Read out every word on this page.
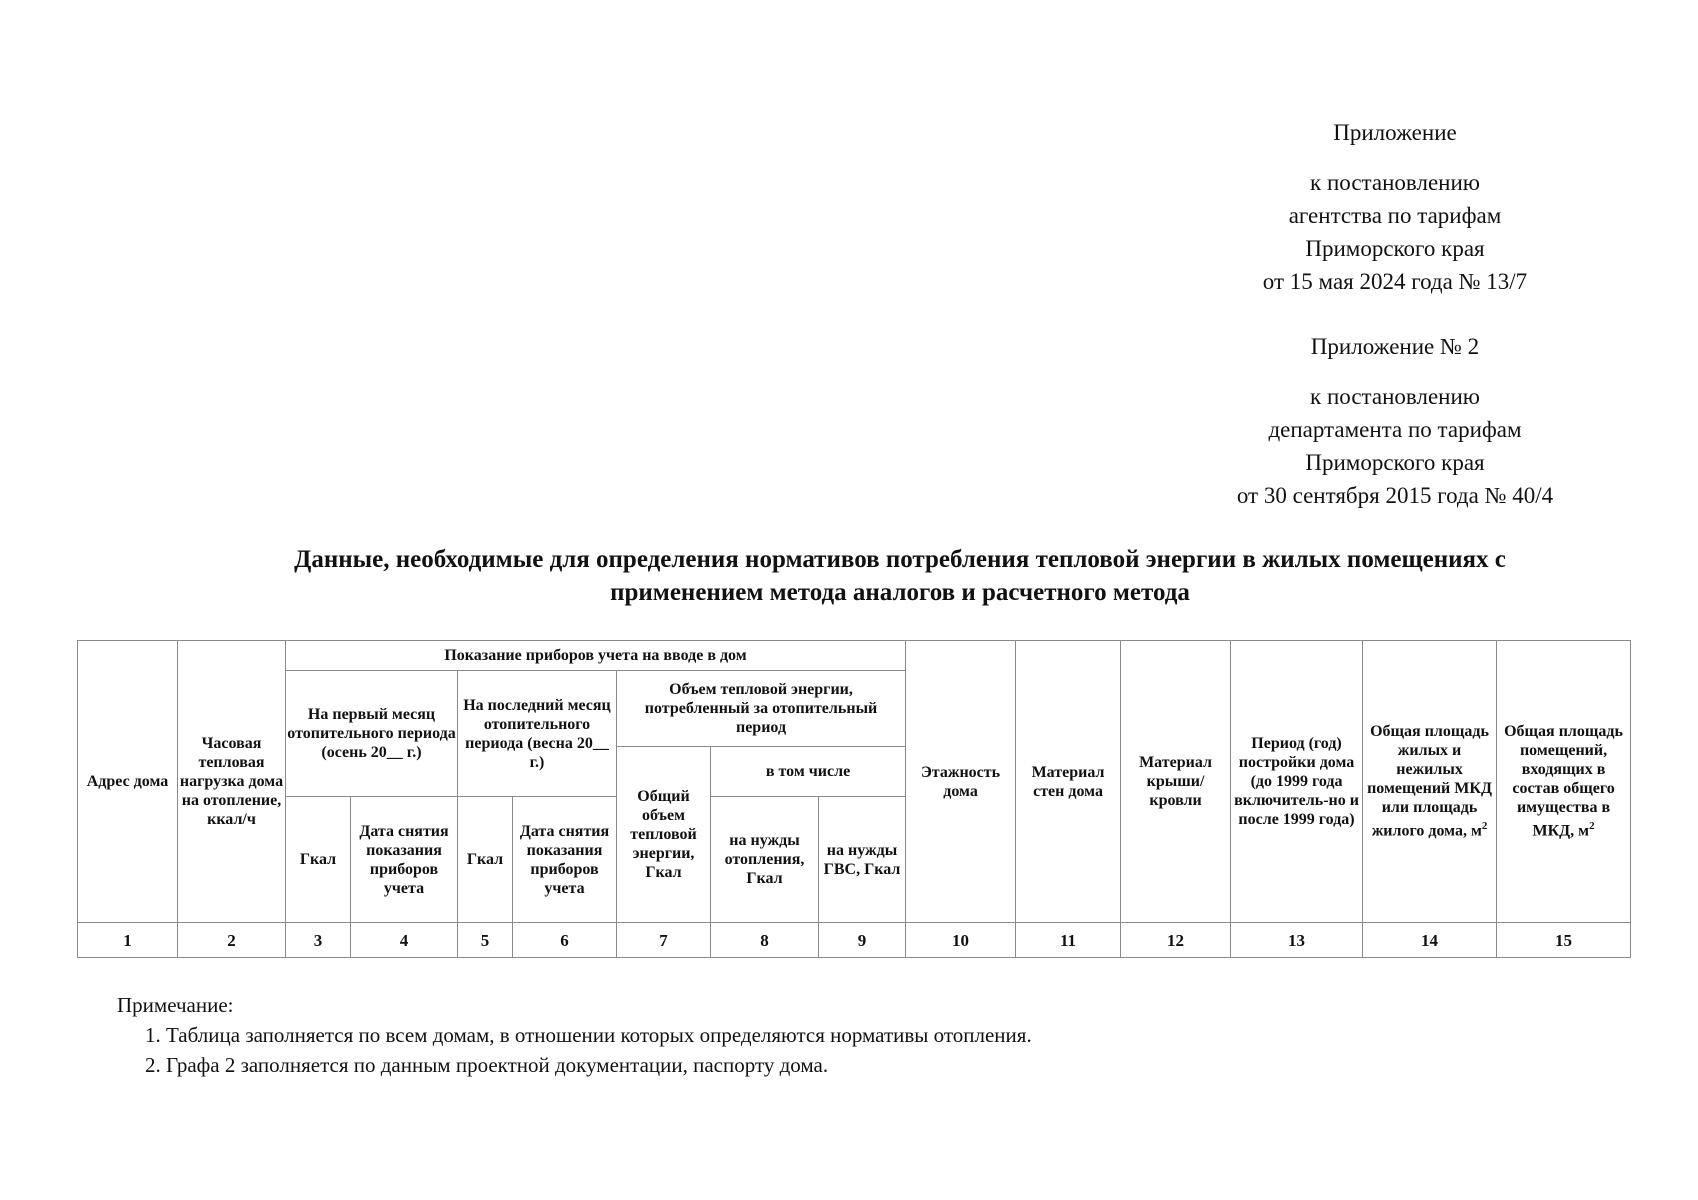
Приложение

к постановлению

агентства по тарифам

Приморского края

от 15 мая 2024 года № 13/7

Приложение № 2

к постановлению

департамента по тарифам

Приморского края

от 30 сентября 2015 года № 40/4

Данные, необходимые для определения нормативов потребления тепловой энергии в жилых помещениях с
применением метода аналогов и расчетного метода
Адрес дома	Часовая тепловая нагрузка дома на отопление, ккал/ч	Показание приборов учета на вводе в дом							Этажность дома	Материал стен дома	Материал крыши/ кровли	Период (год) постройки дома (до 1999 года включитель-но и после 1999 года)	Общая площадь жилых и нежилых помещений МКД или площадь жилого дома, $м^2$	Общая площадь помещений, входящих в состав общего имущества в МКД, $м^2$
		На первый месяц отопительного периода (осень 20__ г.)		На последний месяц отопительного периода (весна 20__ г.)		Объем тепловой энергии, потребленный за отопительный период								
						Общий объем тепловой энергии, Гкал	в том числе							
		Гкал	Дата снятия показания приборов учета	Гкал	Дата снятия показания приборов учета		на нужды отопления, Гкал	на нужды ГВС, Гкал						
1	2	3	4	5	6	7	8	9	10	11	12	13	14	15

Примечание:

1. Таблица заполняется по всем домам, в отношении которых определяются нормативы отопления.

2. Графа 2 заполняется по данным проектной документации, паспорту дома.
